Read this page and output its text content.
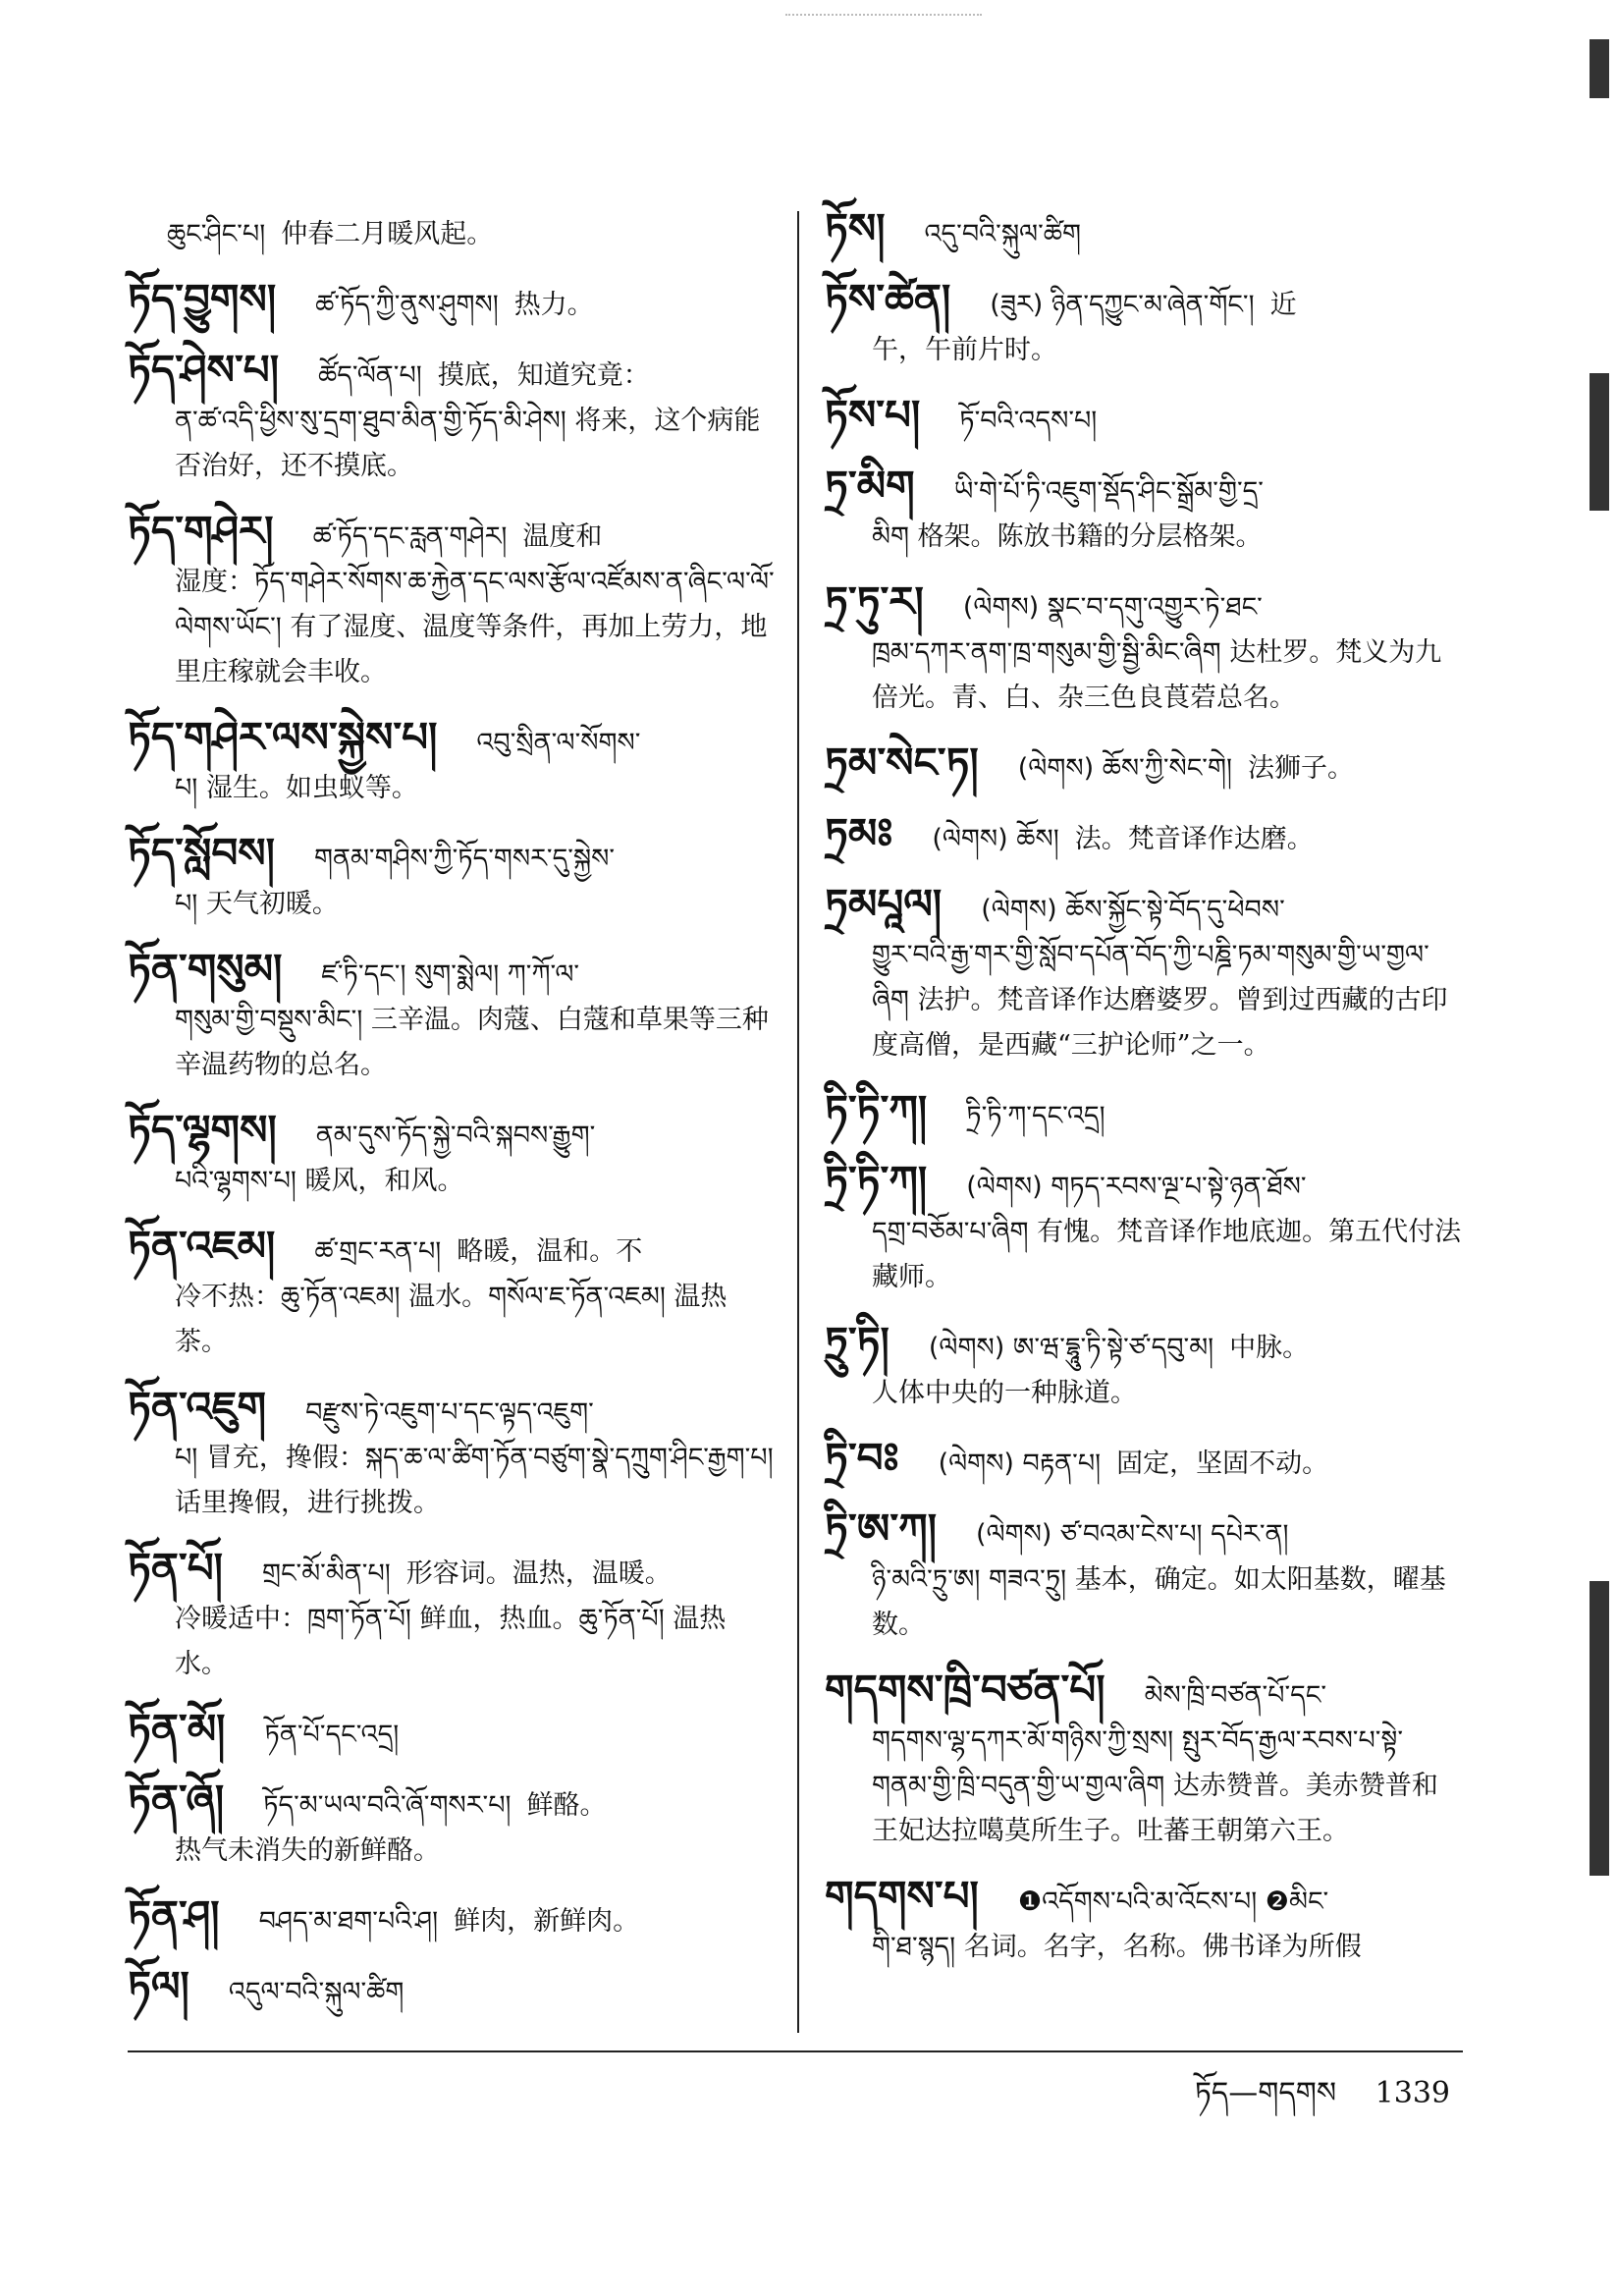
ཆུང་ཤིང་པ། 仲春二月暖风起。
ཏོད་བྱུགས། ཚ་ཏོད་ཀྱི་ནུས་ཤུགས། 热力。
ཏོད་ཤེས་པ། ཚོད་ལོན་པ། 摸底，知道究竟：
ན་ཚ་འདི་ཕྱིས་སུ་དྲག་ཐུབ་མིན་གྱི་ཏོད་མི་ཤེས། 将来，这个病能否治好，还不摸底。
ཏོད་གཤེར། ཚ་ཏོད་དང་རླན་གཤེར། 温度和
湿度：ཏོད་གཤེར་སོགས་ཆ་རྐྱེན་དང་ལས་རྩོལ་འཛོམས་ན་ཞིང་ལ་ལོ་ལེགས་ཡོང་། 有了湿度、温度等条件，再加上劳力，地里庄稼就会丰收。
ཏོད་གཤེར་ལས་སྐྱེས་པ། འབུ་སྲིན་ལ་སོགས་
པ། 湿生。如虫蚁等。
ཏོད་སློབས། གནམ་གཤིས་ཀྱི་ཏོད་གསར་དུ་སྐྱེས་
པ། 天气初暖。
ཏོན་གསུམ། ཛ་ཏི་དང་། སུག་སྨེལ། ཀ་ཀོ་ལ་
གསུམ་གྱི་བསྡུས་མིང་། 三辛温。肉蔻、白蔻和草果等三种辛温药物的总名。
ཏོད་ལྷགས། ནམ་དུས་ཏོད་སྐྱེ་བའི་སྐབས་རྒྱུག་
པའི་ལྷགས་པ། 暖风，和风。
ཏོན་འཇམ། ཚ་གྲང་རན་པ། 略暖，温和。不
冷不热：ཆུ་ཏོན་འཇམ། 温水。གསོལ་ཇ་ཏོན་འཇམ། 温热茶。
ཏོན་འཇུག བརྫུས་ཏེ་འཇུག་པ་དང་ལྟད་འཇུག་
པ། 冒充，搀假：སྐད་ཆ་ལ་ཚིག་ཏོན་བཙུག་སྣེ་དཀྲུག་ཤིང་རྒྱག་པ། 话里搀假，进行挑拨。
ཏོན་པོ། གྲང་མོ་མིན་པ། 形容词。温热，温暖。
冷暖适中：ཁྲག་ཏོན་པོ། 鲜血，热血。ཆུ་ཏོན་པོ། 温热水。
ཏོན་མོ། ཏོན་པོ་དང་འདྲ།
ཏོན་ཞོ། ཏོད་མ་ཡལ་བའི་ཞོ་གསར་པ། 鲜酪。
热气未消失的新鲜酪。
ཏོན་ཤ། བཤད་མ་ཐག་པའི་ཤ། 鲜肉，新鲜肉。
ཏོལ། འདུལ་བའི་སྐུལ་ཚིག
ཏོས། འདུ་བའི་སྐུལ་ཚིག
ཏོས་ཚེན། (ཟུར) ཉིན་དཀྱུང་མ་ཞེན་གོང་། 近
午，午前片时。
ཏོས་པ། ཏོ་བའི་འདས་པ།
ཏྲ་མིག ཡི་གེ་པོ་ཏི་འཇུག་སྡོད་ཤིང་སྒྲོམ་གྱི་དྲ་
མིག 格架。陈放书籍的分层格架。
ཏྲ་ཏུ་ར། (ལེགས) སྣང་བ་དགུ་འགྱུར་ཏེ་ཐང་
ཁྲམ་དཀར་ནག་ཁྲ་གསུམ་གྱི་སྦྱི་མིང་ཞིག 达杜罗。梵义为九倍光。青、白、杂三色良莨菪总名。
ཏྲམ་སེང་ཏ། (ལེགས) ཆོས་ཀྱི་སེང་གེ། 法狮子。
ཏྲམཿ (ལེགས) ཆོས། 法。梵音译作达磨。
ཏྲམཔཱལ། (ལེགས) ཆོས་སྐྱོང་སྟེ་བོད་དུ་ཕེབས་
གྱུར་བའི་རྒྱ་གར་གྱི་སློབ་དཔོན་བོད་ཀྱི་པཎྜི་ཏམ་གསུམ་གྱི་ཡ་གྱལ་ཞིག 法护。梵音译作达磨婆罗。曾到过西藏的古印度高僧，是西藏“三护论师”之一。
ཏི་ཏི་ཀ། ཏྲི་ཏི་ཀ་དང་འདྲ།
ཏྲི་ཏི་ཀ། (ལེགས) གཏད་རབས་ལྔ་པ་སྟེ་ཉན་ཐོས་
དགྲ་བཅོམ་པ་ཞིག 有愧。梵音译作地底迦。第五代付法藏师。
ཏྲུ་ཏི། (ལེགས) ཨ་ཝ་དྷཱུ་ཏི་སྟེ་ཙ་དབུ་མ། 中脉。
人体中央的一种脉道。
ཏྲི་བཿ (ལེགས) བརྟན་པ། 固定，坚固不动。
ཏྲི་ཨ་ཀ། (ལེགས) ཙ་བའམ་ངེས་པ། དཔེར་ན།
ཉི་མའི་ཏྲུ་ཨ། གཟའ་ཏྲུ། 基本，确定。如太阳基数，曜基数。
གདགས་ཁྲི་བཙན་པོ། མེས་ཁྲི་བཙན་པོ་དང་
གདགས་ལྷ་དཀར་མོ་གཉིས་ཀྱི་སྲས། སྤུར་བོད་རྒྱལ་རབས་པ་སྟེ་གནམ་གྱི་ཁྲི་བདུན་གྱི་ཡ་གྱལ་ཞིག 达赤赞普。美赤赞普和王妃达拉噶莫所生子。吐蕃王朝第六王。
གདགས་པ། ❶འདོགས་པའི་མ་འོངས་པ། ❷མིང་
གི་ཐ་སྙད། 名词。名字，名称。佛书译为所假
ཏོད—གདགས 1339
